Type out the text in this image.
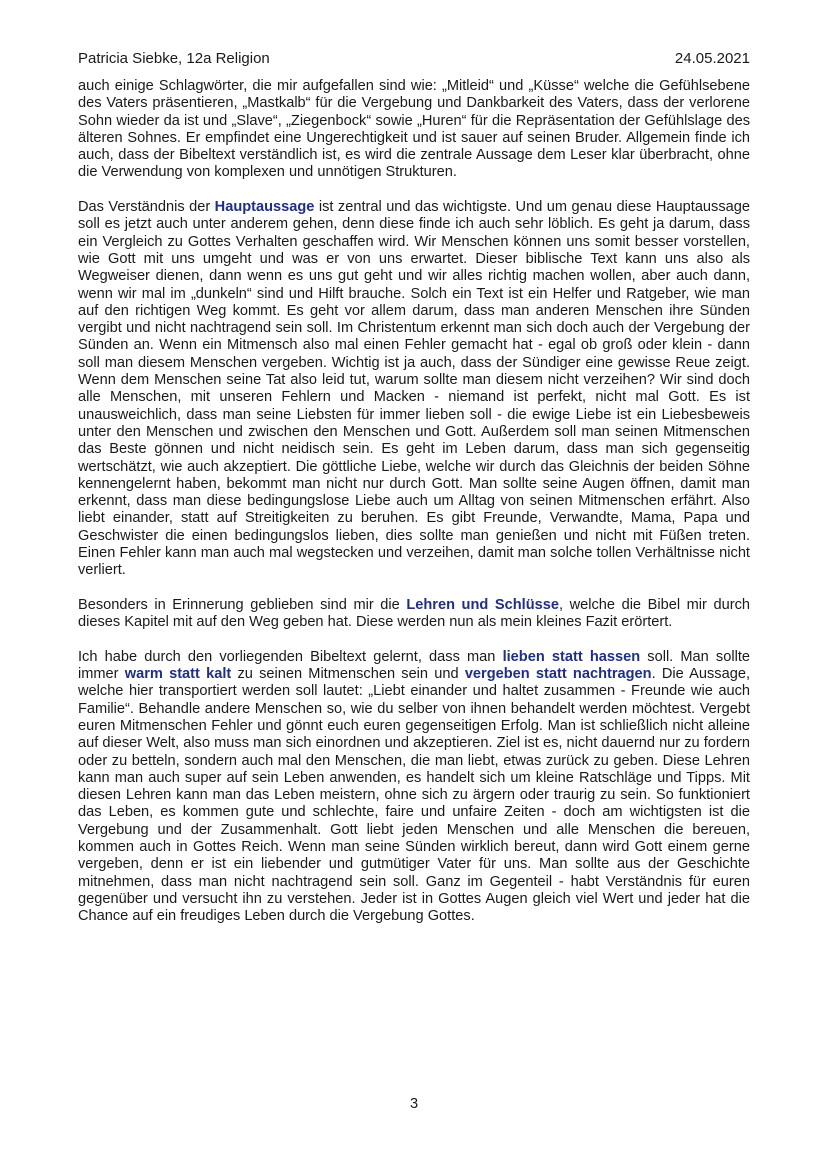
Patricia Siebke, 12a Religion	24.05.2021

auch einige Schlagwörter, die mir aufgefallen sind wie: „Mitleid“ und „Küsse“ welche die Gefühlsebene des Vaters präsentieren, „Mastkalb“ für die Vergebung und Dankbarkeit des Vaters, dass der verlorene Sohn wieder da ist und „Slave“, „Ziegenbock“ sowie „Huren“ für die Repräsentation der Gefühlslage des älteren Sohnes. Er empfindet eine Ungerechtigkeit und ist sauer auf seinen Bruder. Allgemein finde ich auch, dass der Bibeltext verständlich ist, es wird die zentrale Aussage dem Leser klar überbracht, ohne die Verwendung von komplexen und unnötigen Strukturen.

Das Verständnis der Hauptaussage ist zentral und das wichtigste. Und um genau diese Hauptaussage soll es jetzt auch unter anderem gehen, denn diese finde ich auch sehr löblich. Es geht ja darum, dass ein Vergleich zu Gottes Verhalten geschaffen wird. Wir Menschen können uns somit besser vorstellen, wie Gott mit uns umgeht und was er von uns erwartet. Dieser biblische Text kann uns also als Wegweiser dienen, dann wenn es uns gut geht und wir alles richtig machen wollen, aber auch dann, wenn wir mal im „dunkeln“ sind und Hilft brauche. Solch ein Text ist ein Helfer und Ratgeber, wie man auf den richtigen Weg kommt. Es geht vor allem darum, dass man anderen Menschen ihre Sünden vergibt und nicht nachtragend sein soll. Im Christentum erkennt man sich doch auch der Vergebung der Sünden an. Wenn ein Mitmensch also mal einen Fehler gemacht hat - egal ob groß oder klein - dann soll man diesem Menschen vergeben. Wichtig ist ja auch, dass der Sündiger eine gewisse Reue zeigt. Wenn dem Menschen seine Tat also leid tut, warum sollte man diesem nicht verzeihen? Wir sind doch alle Menschen, mit unseren Fehlern und Macken - niemand ist perfekt, nicht mal Gott. Es ist unausweichlich, dass man seine Liebsten für immer lieben soll - die ewige Liebe ist ein Liebesbeweis unter den Menschen und zwischen den Menschen und Gott. Außerdem soll man seinen Mitmenschen das Beste gönnen und nicht neidisch sein. Es geht im Leben darum, dass man sich gegenseitig wertschätzt, wie auch akzeptiert. Die göttliche Liebe, welche wir durch das Gleichnis der beiden Söhne kennengelernt haben, bekommt man nicht nur durch Gott. Man sollte seine Augen öffnen, damit man erkennt, dass man diese bedingungslose Liebe auch um Alltag von seinen Mitmenschen erfährt. Also liebt einander, statt auf Streitigkeiten zu beruhen. Es gibt Freunde, Verwandte, Mama, Papa und Geschwister die einen bedingungslos lieben, dies sollte man genießen und nicht mit Füßen treten. Einen Fehler kann man auch mal wegstecken und verzeihen, damit man solche tollen Verhältnisse nicht verliert.

Besonders in Erinnerung geblieben sind mir die Lehren und Schlüsse, welche die Bibel mir durch dieses Kapitel mit auf den Weg geben hat. Diese werden nun als mein kleines Fazit erörtert.

Ich habe durch den vorliegenden Bibeltext gelernt, dass man lieben statt hassen soll. Man sollte immer warm statt kalt zu seinen Mitmenschen sein und vergeben statt nachtragen. Die Aussage, welche hier transportiert werden soll lautet: „Liebt einander und haltet zusammen - Freunde wie auch Familie“. Behandle andere Menschen so, wie du selber von ihnen behandelt werden möchtest. Vergebt euren Mitmenschen Fehler und gönnt euch euren gegenseitigen Erfolg. Man ist schließlich nicht alleine auf dieser Welt, also muss man sich einordnen und akzeptieren. Ziel ist es, nicht dauernd nur zu fordern oder zu betteln, sondern auch mal den Menschen, die man liebt, etwas zurück zu geben. Diese Lehren kann man auch super auf sein Leben anwenden, es handelt sich um kleine Ratschläge und Tipps. Mit diesen Lehren kann man das Leben meistern, ohne sich zu ärgern oder traurig zu sein. So funktioniert das Leben, es kommen gute und schlechte, faire und unfaire Zeiten - doch am wichtigsten ist die Vergebung und der Zusammenhalt. Gott liebt jeden Menschen und alle Menschen die bereuen, kommen auch in Gottes Reich. Wenn man seine Sünden wirklich bereut, dann wird Gott einem gerne vergeben, denn er ist ein liebender und gutmütiger Vater für uns. Man sollte aus der Geschichte mitnehmen, dass man nicht nachtragend sein soll. Ganz im Gegenteil - habt Verständnis für euren gegenüber und versucht ihn zu verstehen. Jeder ist in Gottes Augen gleich viel Wert und jeder hat die Chance auf ein freudiges Leben durch die Vergebung Gottes.

3
